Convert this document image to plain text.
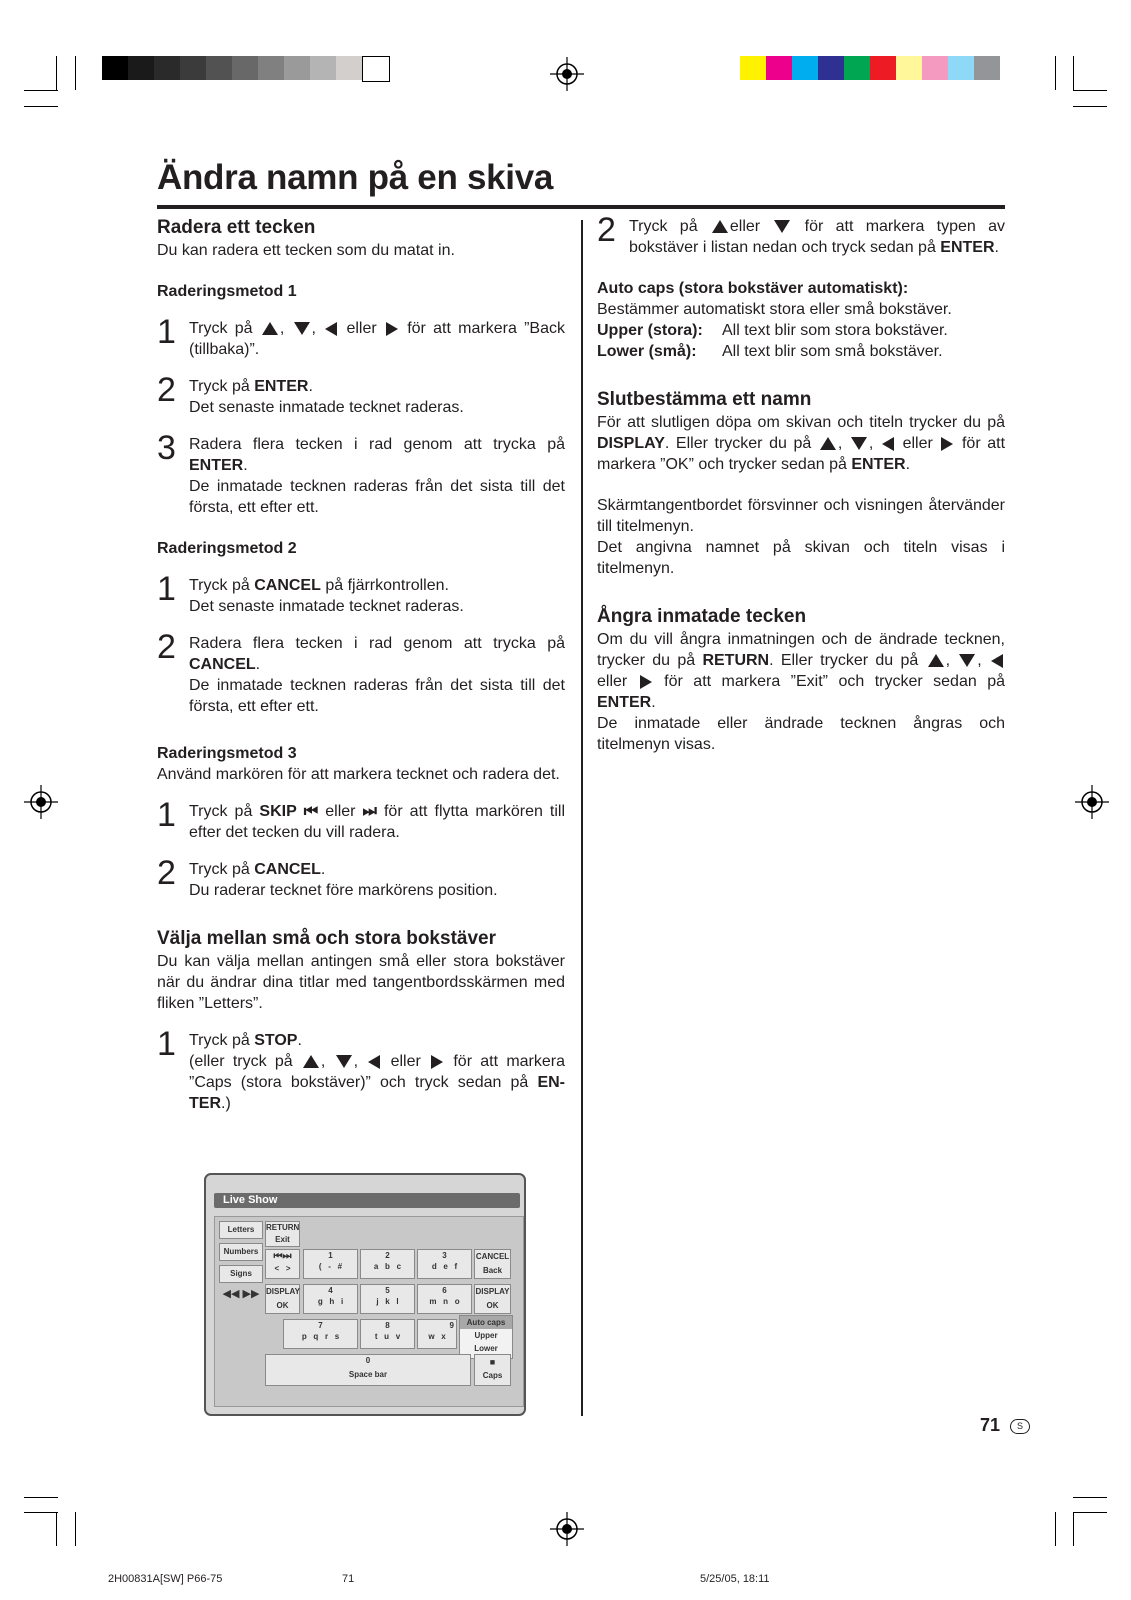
Ändra namn på en skiva
Radera ett tecken

Du kan radera ett tecken som du matat in.

Raderingsmetod 1
1 Tryck på , ,  eller för att markera ”Back (tillbaka)”.
2 Tryck på ENTER.
Det senaste inmatade tecknet raderas.
3 Radera flera tecken i rad genom att trycka på ENTER.
De inmatade tecknen raderas från det sista till det första, ett efter ett.
Raderingsmetod 2
1 Tryck på CANCEL på fjärrkontrollen.
Det senaste inmatade tecknet raderas.
2 Radera flera tecken i rad genom att trycka på CANCEL.
De inmatade tecknen raderas från det sista till det första, ett efter ett.
Raderingsmetod 3

Använd markören för att markera tecknet och radera det.

1 Tryck på SKIP ⏮ eller ⏭ för att flytta markören till efter det tecken du vill radera.
2 Tryck på CANCEL.
Du raderar tecknet före markörens position.
Välja mellan små och stora bokstäver

Du kan välja mellan antingen små eller stora bokstäver när du ändrar dina titlar med tangentbordsskärmen med fliken ”Letters”.

1 Tryck på STOP.
(eller tryck på , ,  eller för att markera ”Caps (stora bokstäver)” och tryck sedan på EN-TER.)
Live Show
Letters
Numbers
Signs
◀◀ ▶▶
RETURN
Exit
⏮⏭
< >
1
( - #
2
a b c
3
d e f
CANCEL
Back
DISPLAY
OK
4
g h i
5
j k l
6
m n o
DISPLAY
OK
7
p q r s
8
t u v
9
w x
Auto caps
Upper
Lower
0
Space bar
■
Caps
2 Tryck på eller	för att markera typen av bokstäver i listan nedan och tryck sedan på ENTER.

Auto caps (stora bokstäver automatiskt):

Bestämmer automatiskt stora eller små bokstäver.

Upper (stora): All text blir som stora bokstäver.

Lower (små): All text blir som små bokstäver.

Slutbestämma ett namn

För att slutligen döpa om skivan och titeln trycker du på DISPLAY. Eller trycker du på , ,  eller för att markera ”OK” och trycker sedan på ENTER.

Skärmtangentbordet försvinner och visningen återvänder till titelmenyn.

Det angivna namnet på skivan och titeln visas i titelmenyn.

Ångra inmatade tecken

Om du vill ångra inmatningen och de ändrade tecknen, trycker du på RETURN. Eller trycker du på , ,  eller för att markera ”Exit” och trycker sedan på ENTER.

De inmatade eller ändrade tecknen ångras och titelmenyn visas.

71	S
2H00831A[SW] P66-75	71	5/25/05, 18:11
